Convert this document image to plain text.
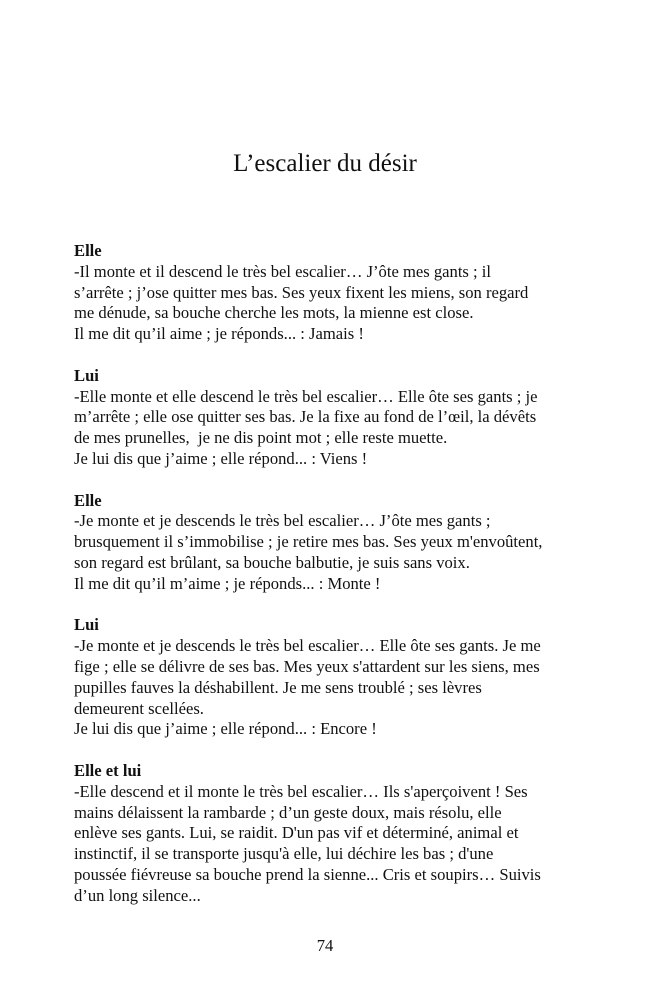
L’escalier du désir
Elle
-Il monte et il descend le très bel escalier… J’ôte mes gants ; il
s’arrête ; j’ose quitter mes bas. Ses yeux fixent les miens, son regard
me dénude, sa bouche cherche les mots, la mienne est close.
Il me dit qu’il aime ; je réponds... : Jamais !
Lui
-Elle monte et elle descend le très bel escalier… Elle ôte ses gants ; je
m’arrête ; elle ose quitter ses bas. Je la fixe au fond de l’œil, la dévêts
de mes prunelles,  je ne dis point mot ; elle reste muette.
Je lui dis que j’aime ; elle répond... : Viens !
Elle
-Je monte et je descends le très bel escalier… J’ôte mes gants ;
brusquement il s’immobilise ; je retire mes bas. Ses yeux m'envoûtent,
son regard est brûlant, sa bouche balbutie, je suis sans voix.
Il me dit qu’il m’aime ; je réponds... : Monte !
Lui
-Je monte et je descends le très bel escalier… Elle ôte ses gants. Je me
fige ; elle se délivre de ses bas. Mes yeux s'attardent sur les siens, mes
pupilles fauves la déshabillent. Je me sens troublé ; ses lèvres
demeurent scellées.
Je lui dis que j’aime ; elle répond... : Encore !
Elle et lui
-Elle descend et il monte le très bel escalier… Ils s'aperçoivent ! Ses
mains délaissent la rambarde ; d’un geste doux, mais résolu, elle
enlève ses gants. Lui, se raidit. D'un pas vif et déterminé, animal et
instinctif, il se transporte jusqu'à elle, lui déchire les bas ; d'une
poussée fiévreuse sa bouche prend la sienne... Cris et soupirs… Suivis
d’un long silence...
74
